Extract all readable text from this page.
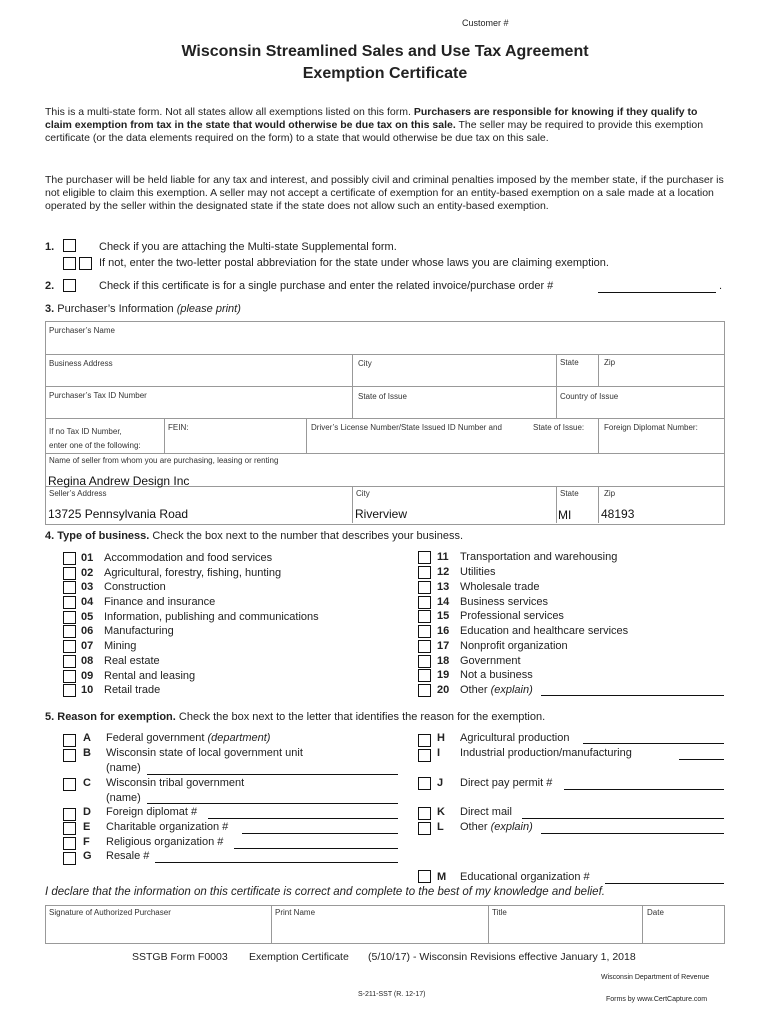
Customer #
Wisconsin Streamlined Sales and Use Tax Agreement
Exemption Certificate
This is a multi-state form. Not all states allow all exemptions listed on this form. Purchasers are responsible for knowing if they qualify to claim exemption from tax in the state that would otherwise be due tax on this sale. The seller may be required to provide this exemption certificate (or the data elements required on the form) to a state that would otherwise be due tax on this sale.
The purchaser will be held liable for any tax and interest, and possibly civil and criminal penalties imposed by the member state, if the purchaser is not eligible to claim this exemption. A seller may not accept a certificate of exemption for an entity-based exemption on a sale made at a location operated by the seller within the designated state if the state does not allow such an entity-based exemption.
1.	Check if you are attaching the Multi-state Supplemental form.
If not, enter the two-letter postal abbreviation for the state under whose laws you are claiming exemption.
2.	Check if this certificate is for a single purchase and enter the related invoice/purchase order #	.
3. Purchaser’s Information (please print)
Purchaser’s Name
Business Address	City	State	Zip
Purchaser’s Tax ID Number	State of Issue	Country of Issue
If no Tax ID Number,
enter one of the following:
FEIN:	Driver’s License Number/State Issued ID Number and	State of Issue: Foreign Diplomat Number:
Name of seller from whom you are purchasing, leasing or renting
Regina Andrew Design Inc
Seller’s Address	City	State	Zip
13725 Pennsylvania Road	Riverview	MI 48193
4. Type of business. Check the box next to the number that describes your business.
01 Accommodation and food services
02 Agricultural, forestry, fishing, hunting
03 Construction
04 Finance and insurance
05 Information, publishing and communications
06 Manufacturing
07 Mining
08 Real estate
09 Rental and leasing
10 Retail trade
11 Transportation and warehousing
12 Utilities
13 Wholesale trade
14 Business services
15 Professional services
16 Education and healthcare services
17 Nonprofit organization
18 Government
19 Not a business
20 Other (explain)
5. Reason for exemption. Check the box next to the letter that identifies the reason for the exemption.
A Federal government (department)
B Wisconsin state of local government unit
(name)
C Wisconsin tribal government
(name)
D Foreign diplomat #
E Charitable organization #
F Religious organization #
G Resale #
H Agricultural production
I Industrial production/manufacturing
J Direct pay permit #
K Direct mail
L Other (explain)
M Educational organization #
I declare that the information on this certificate is correct and complete to the best of my knowledge and belief.
Signature of Authorized Purchaser	Print Name	Title	Date
SSTGB Form F0003 Exemption Certificate (5/10/17) - Wisconsin Revisions effective January 1, 2018
Wisconsin Department of Revenue
S-211-SST (R. 12-17)
Forms by www.CertCapture.com
